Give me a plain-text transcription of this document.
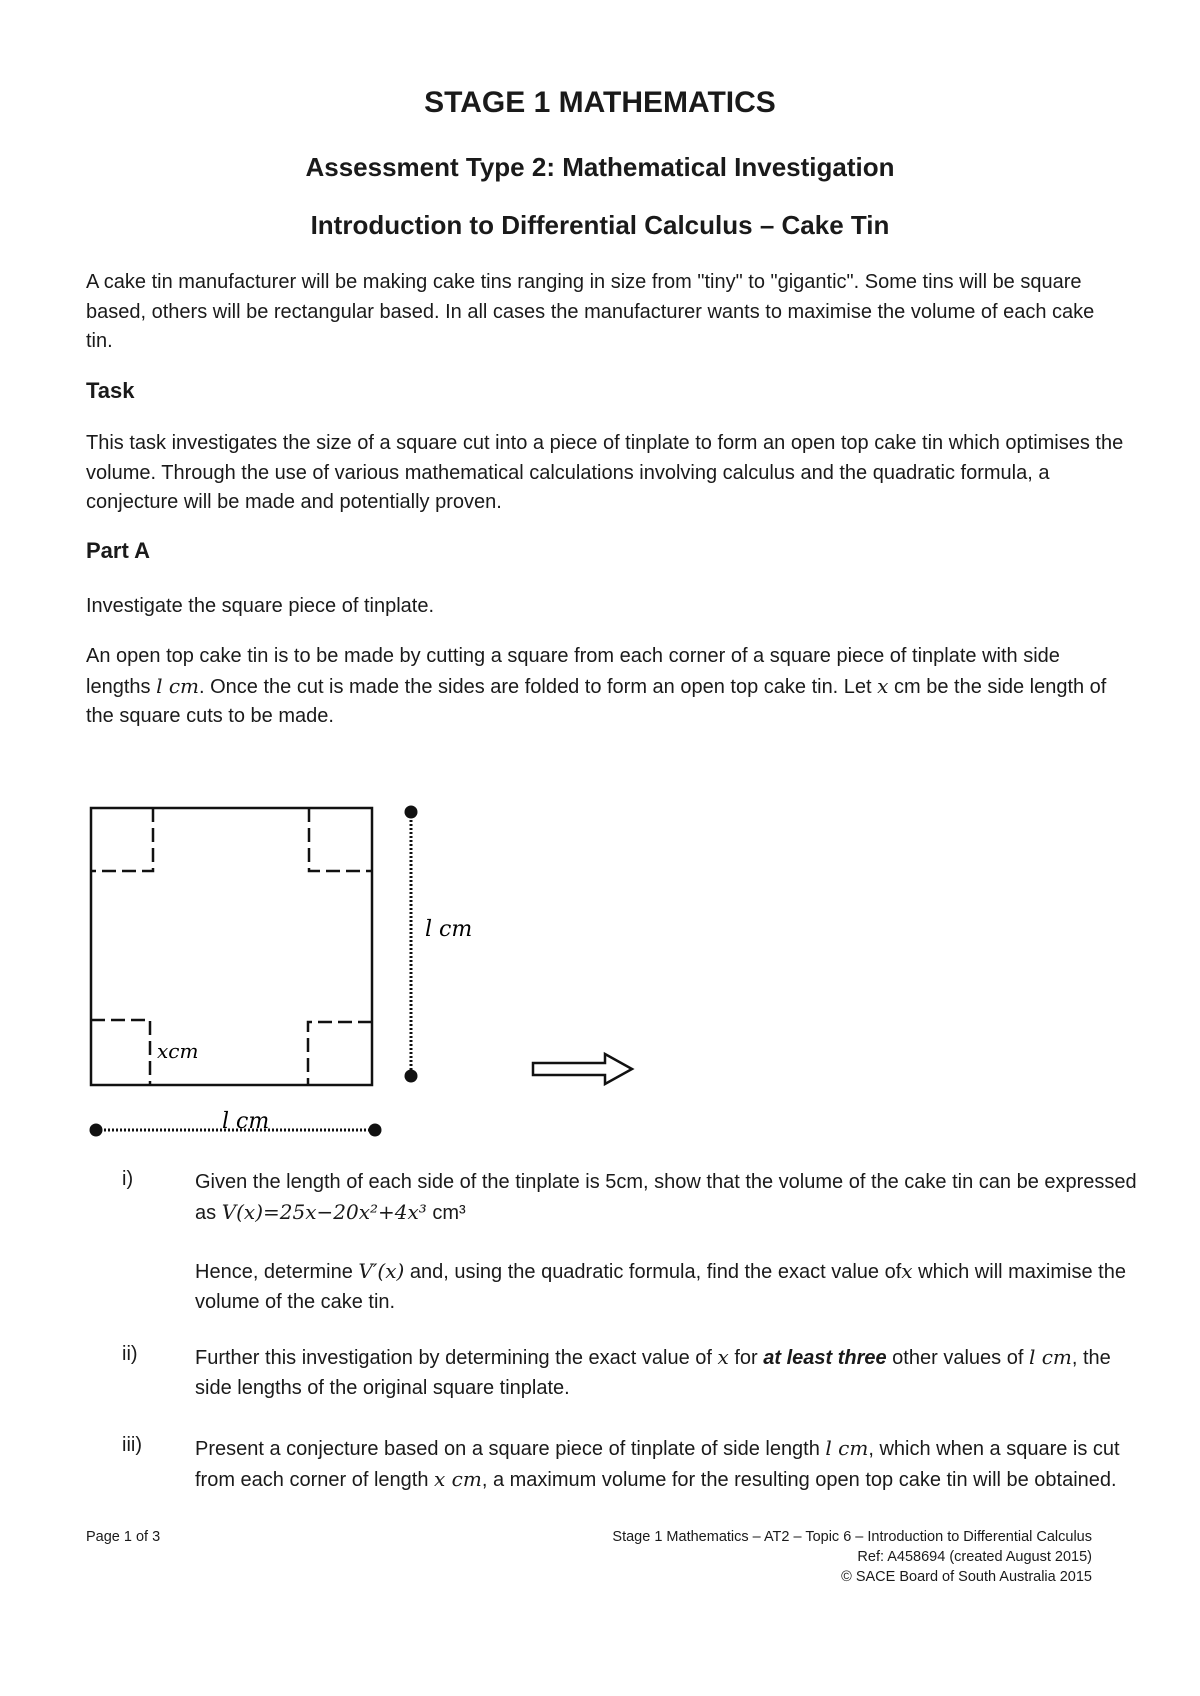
STAGE 1 MATHEMATICS
Assessment Type 2: Mathematical Investigation
Introduction to Differential Calculus – Cake Tin

A cake tin manufacturer will be making cake tins ranging in size from "tiny" to "gigantic". Some tins will be square based, others will be rectangular based. In all cases the manufacturer wants to maximise the volume of each cake tin.

Task

This task investigates the size of a square cut into a piece of tinplate to form an open top cake tin which optimises the volume. Through the use of various mathematical calculations involving calculus and the quadratic formula, a conjecture will be made and potentially proven.

Part A

Investigate the square piece of tinplate.

An open top cake tin is to be made by cutting a square from each corner of a square piece of tinplate with side lengths l cm. Once the cut is made the sides are folded to form an open top cake tin. Let x cm be the side length of the square cuts to be made.

l cm
l cm
xcm

i)	Given the length of each side of the tinplate is 5cm, show that the volume of the cake tin can be expressed as V(x)=25x−20x²+4x³ cm³

Hence, determine V′(x) and, using the quadratic formula, find the exact value ofx which will maximise the volume of the cake tin.

ii)	Further this investigation by determining the exact value of x for at least three other values of l cm, the side lengths of the original square tinplate.

iii)	Present a conjecture based on a square piece of tinplate of side length l cm, which when a square is cut from each corner of length x cm, a maximum volume for the resulting open top cake tin will be obtained.

Page 1 of 3	Stage 1 Mathematics – AT2 – Topic 6 – Introduction to Differential Calculus
Ref: A458694 (created August 2015)
© SACE Board of South Australia 2015
